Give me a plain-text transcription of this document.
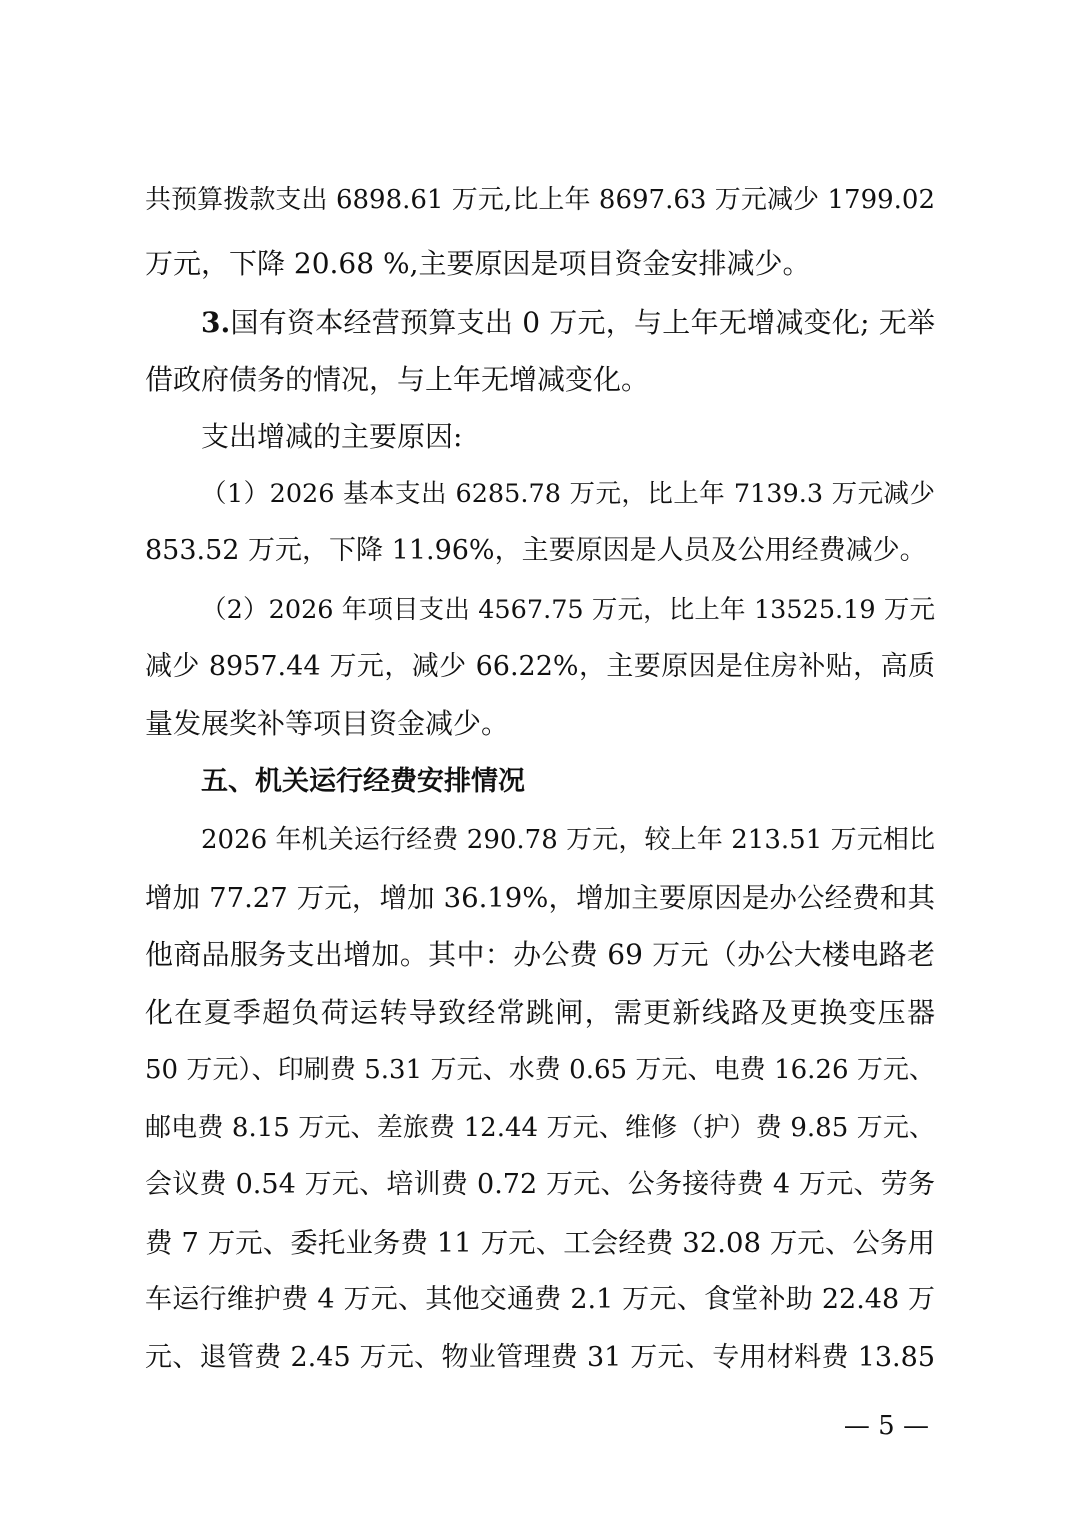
共预算拨款支出 6898.61 万元,比上年 8697.63 万元减少 1799.02
万元，下降 20.68 %,主要原因是项目资金安排减少。
3.国有资本经营预算支出 0 万元，与上年无增减变化; 无举
借政府债务的情况，与上年无增减变化。
支出增减的主要原因:
（1）2026 基本支出 6285.78 万元，比上年 7139.3 万元减少
853.52 万元，下降 11.96%，主要原因是人员及公用经费减少。
（2）2026 年项目支出 4567.75 万元，比上年 13525.19 万元
减少 8957.44 万元，减少 66.22%，主要原因是住房补贴，高质
量发展奖补等项目资金减少。
五、机关运行经费安排情况
2026 年机关运行经费 290.78 万元，较上年 213.51 万元相比
增加 77.27 万元，增加 36.19%，增加主要原因是办公经费和其
他商品服务支出增加。其中：办公费 69 万元（办公大楼电路老
化在夏季超负荷运转导致经常跳闸，需更新线路及更换变压器
50 万元）、印刷费 5.31 万元、水费 0.65 万元、电费 16.26 万元、
邮电费 8.15 万元、差旅费 12.44 万元、维修（护）费 9.85 万元、
会议费 0.54 万元、培训费 0.72 万元、公务接待费 4 万元、劳务
费 7 万元、委托业务费 11 万元、工会经费 32.08 万元、公务用
车运行维护费 4 万元、其他交通费 2.1 万元、食堂补助 22.48 万
元、退管费 2.45 万元、物业管理费 31 万元、专用材料费 13.85
— 5 —
